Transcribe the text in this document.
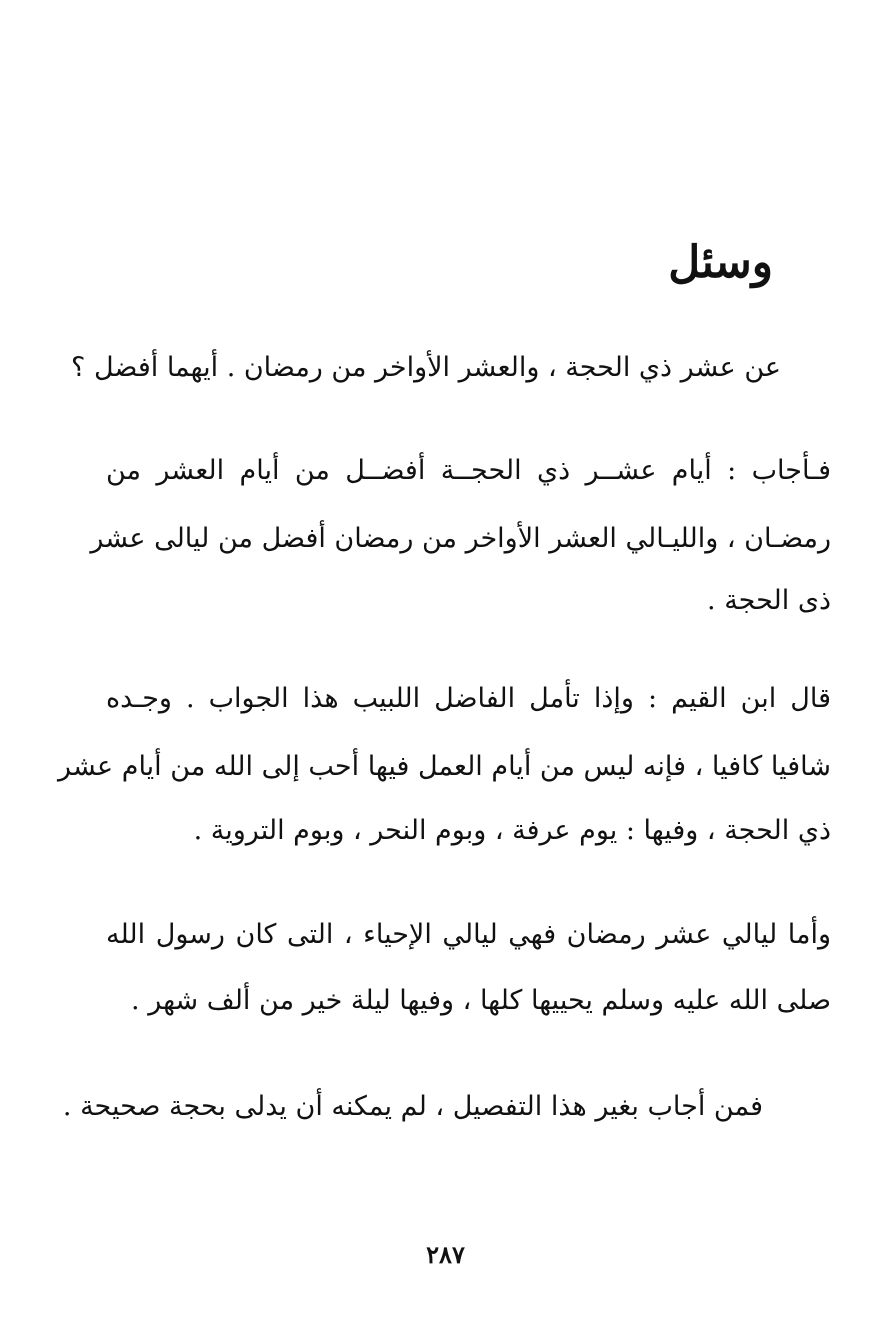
وسئل

عن عشر ذي الحجة ، والعشر الأواخر من رمضان . أيهما أفضل ؟

فـأجاب : أيام عشــر ذي الحجــة أفضــل من أيام العشر من

رمضـان ، والليـالي العشر الأواخر من رمضان أفضل من ليالى عشر

ذى الحجة .

قال ابن القيم : وإذا تأمل الفاضل اللبيب هذا الجواب . وجـده

شافيا كافيا ، فإنه ليس من أيام العمل فيها أحب إلى الله من أيام عشر

ذي الحجة ، وفيها : يوم عرفة ، وبوم النحر ، وبوم التروية .

وأما ليالي عشر رمضان فهي ليالي الإحياء ، التى كان رسول الله

صلى الله عليه وسلم يحييها كلها ، وفيها ليلة خير من ألف شهر .

فمن أجاب بغير هذا التفصيل ، لم يمكنه أن يدلى بحجة صحيحة .

٢٨٧
